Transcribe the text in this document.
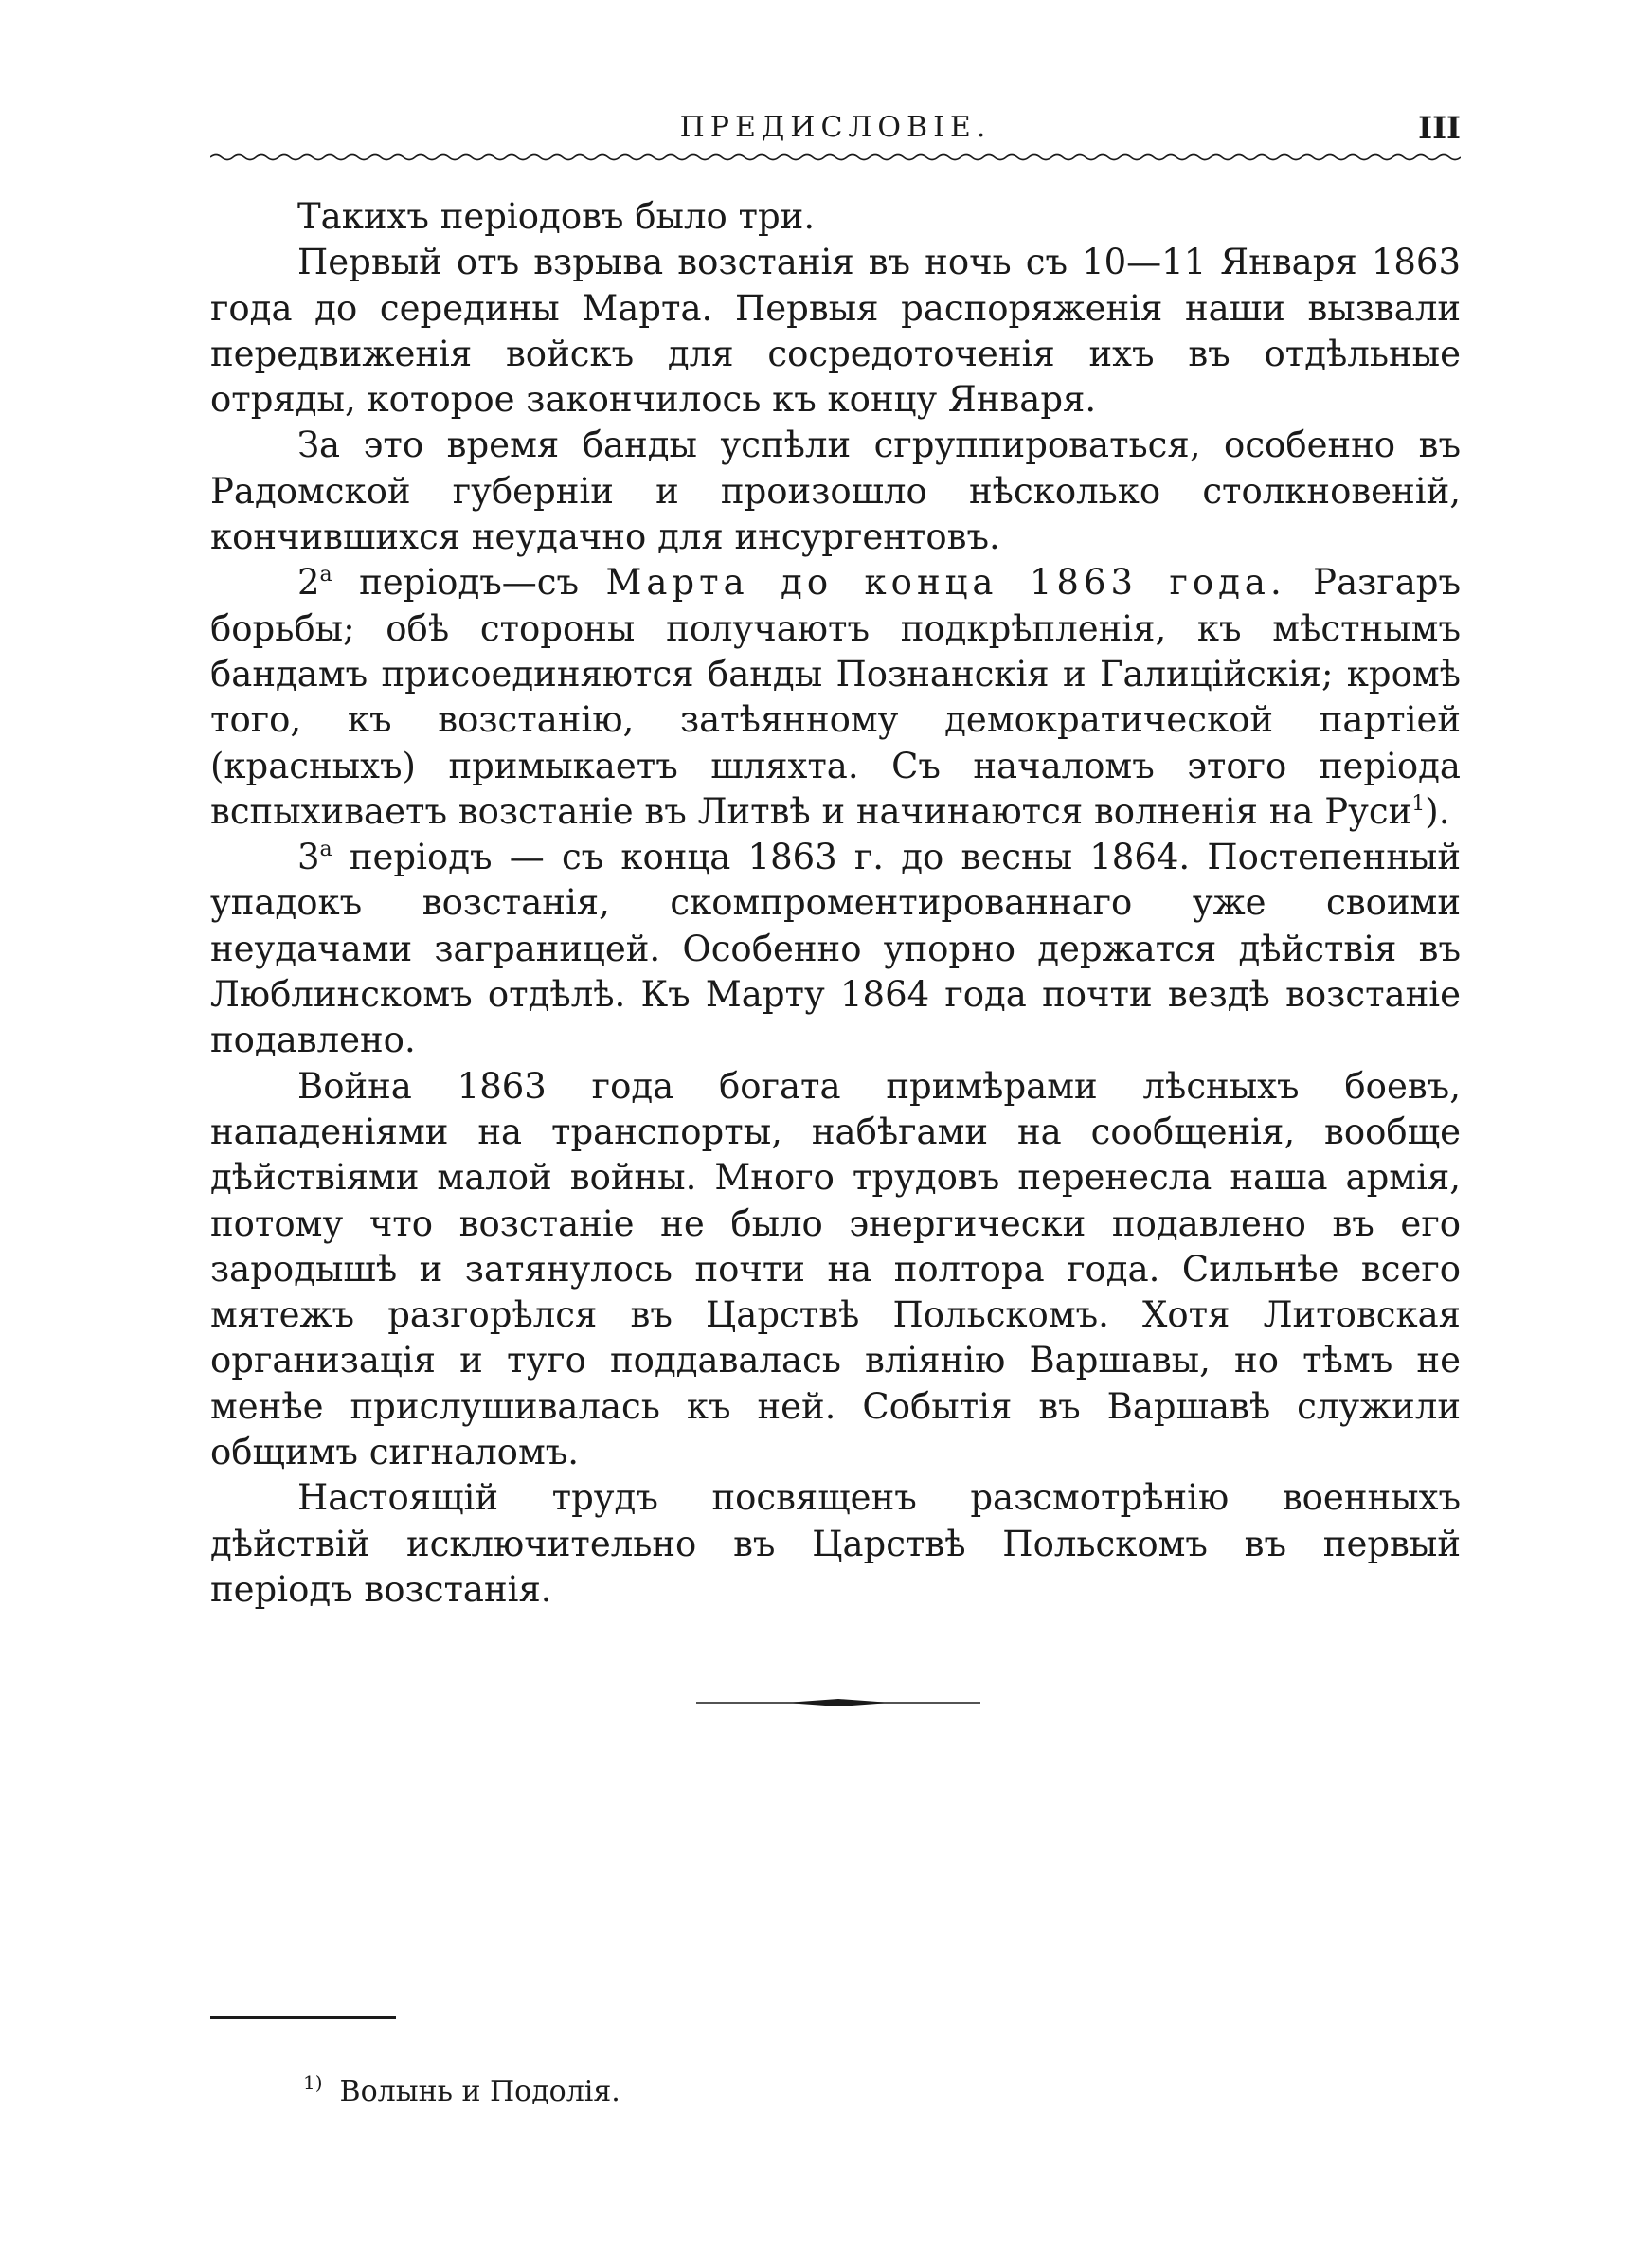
ПРЕДИСЛОВІЕ.	III

Такихъ періодовъ было три.

Первый отъ взрыва возстанія въ ночь съ 10—11 Января 1863 года до середины Марта. Первыя распоряженія наши вызвали передвиженія войскъ для сосредоточенія ихъ въ отдѣльные отряды, которое закончилось къ концу Января.

За это время банды успѣли сгруппироваться, особенно въ Радомской губерніи и произошло нѣсколько столкновеній, кончившихся неудачно для инсургентовъ.

$2^а$ періодъ—съ Марта до конца 1863 года. Разгаръ борьбы; обѣ стороны получаютъ подкрѣпленія, къ мѣстнымъ бандамъ присоединяются банды Познанскія и Галиційскія; кромѣ того, къ возстанію, затѣянному демократической партіей (красныхъ) примыкаетъ шляхта. Съ началомъ этого періода вспыхиваетъ возстаніе въ Литвѣ и начинаются волненія на Руси$^1$).

$3^а$ періодъ — съ конца 1863 г. до весны 1864. Постепенный упадокъ возстанія, скомпроментированнаго уже своими неудачами заграницей. Особенно упорно держатся дѣйствія въ Люблинскомъ отдѣлѣ. Къ Марту 1864 года почти вездѣ возстаніе подавлено.

Война 1863 года богата примѣрами лѣсныхъ боевъ, нападеніями на транспорты, набѣгами на сообщенія, вообще дѣйствіями малой войны. Много трудовъ перенесла наша армія, потому что возстаніе не было энергически подавлено въ его зародышѣ и затянулось почти на полтора года. Сильнѣе всего мятежъ разгорѣлся въ Царствѣ Польскомъ. Хотя Литовская организація и туго поддавалась вліянію Варшавы, но тѣмъ не менѣе прислушивалась къ ней. Событія въ Варшавѣ служили общимъ сигналомъ.

Настоящій трудъ посвященъ разсмотрѣнію военныхъ дѣйствій исключительно въ Царствѣ Польскомъ въ первый періодъ возстанія.

$^{1)}$ Волынь и Подолія.
